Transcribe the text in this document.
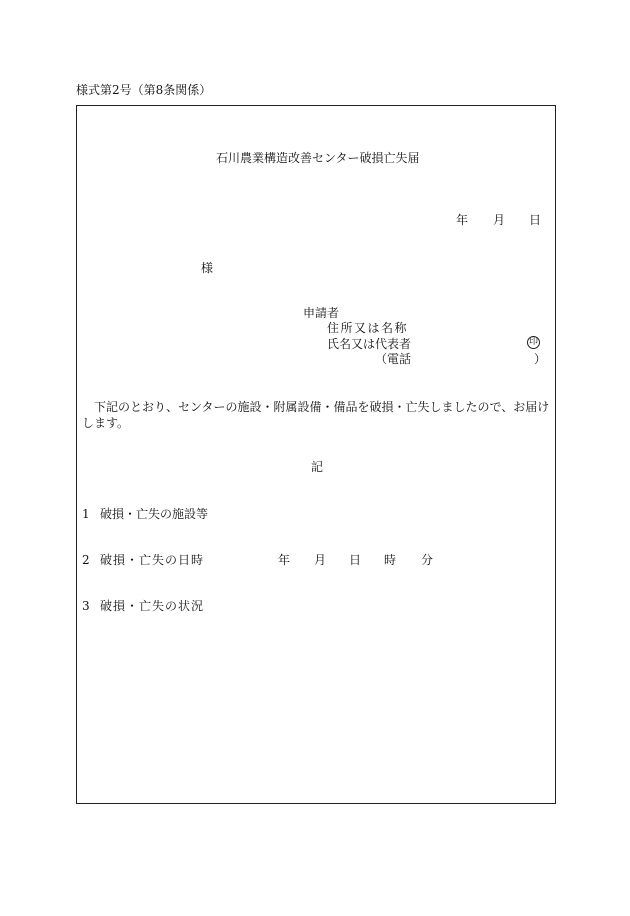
様式第2号（第8条関係）
石川農業構造改善センター破損亡失届
年 月 日
様
申請者
住所又は名称
氏名又は代表者	印
（電話	）
下記のとおり、センターの施設・附属設備・備品を破損・亡失しましたので、お届けします。
記
1 破損・亡失の施設等
2 破損・亡失の日時	年 月 日 時 分
3 破損・亡失の状況
